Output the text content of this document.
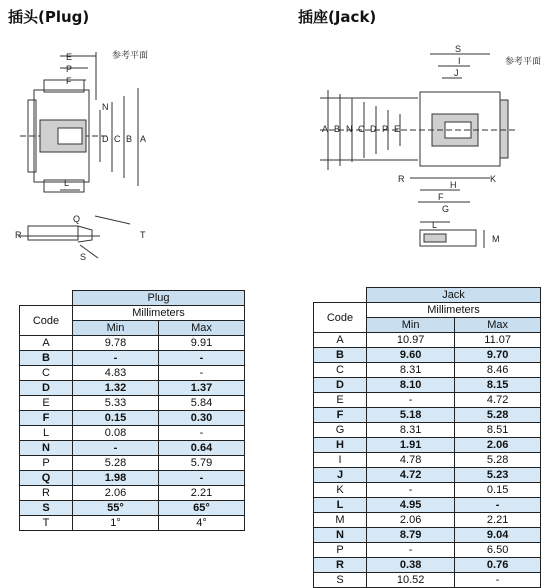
插头(Plug)	插座(Jack)
E
P
F
N
D C B A
L
Q
R
S
T
参考平面
S
I
J
A B N C D P E
R
H
K
F
G
L
M
参考平面
	Plug	
Code	Millimeters	
	Min	Max
A	9.78	9.91
B	-	-
C	4.83	-
D	1.32	1.37
E	5.33	5.84
F	0.15	0.30
L	0.08	-
N	-	0.64
P	5.28	5.79
Q	1.98	-
R	2.06	2.21
S	55°	65°
T	1°	4°
	Jack	
Code	Millimeters	
	Min	Max
A	10.97	11.07
B	9.60	9.70
C	8.31	8.46
D	8.10	8.15
E	-	4.72
F	5.18	5.28
G	8.31	8.51
H	1.91	2.06
I	4.78	5.28
J	4.72	5.23
K	-	0.15
L	4.95	-
M	2.06	2.21
N	8.79	9.04
P	-	6.50
R	0.38	0.76
S	10.52	-
